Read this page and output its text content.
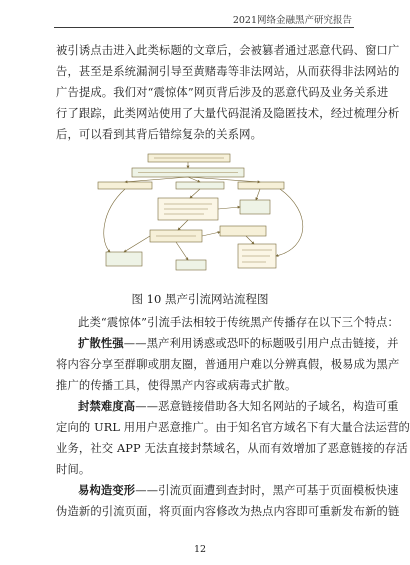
2021网络金融黑产研究报告
被引诱点击进入此类标题的文章后，会被篡者通过恶意代码、窗口广
告，甚至是系统漏洞引导至黄赌毒等非法网站，从而获得非法网站的
广告提成。我们对“震惊体”网页背后涉及的恶意代码及业务关系进
行了跟踪，此类网站使用了大量代码混淆及隐匿技术，经过梳理分析
后，可以看到其背后错综复杂的关系网。
图 10 黑产引流网站流程图
此类“震惊体”引流手法相较于传统黑产传播存在以下三个特点：
扩散性强——黑产利用诱惑或恐吓的标题吸引用户点击链接，并
将内容分享至群聊或朋友圈，普通用户难以分辨真假，极易成为黑产
推广的传播工具，使得黑产内容或病毒式扩散。
封禁难度高——恶意链接借助各大知名网站的子域名，构造可重
定向的 URL 用用户恶意推广。由于知名官方域名下有大量合法运营的
业务，社交 APP 无法直接封禁域名，从而有效增加了恶意链接的存活
时间。
易构造变形——引流页面遭到查封时，黑产可基于页面模板快速
伪造新的引流页面，将页面内容修改为热点内容即可重新发布新的链
12
